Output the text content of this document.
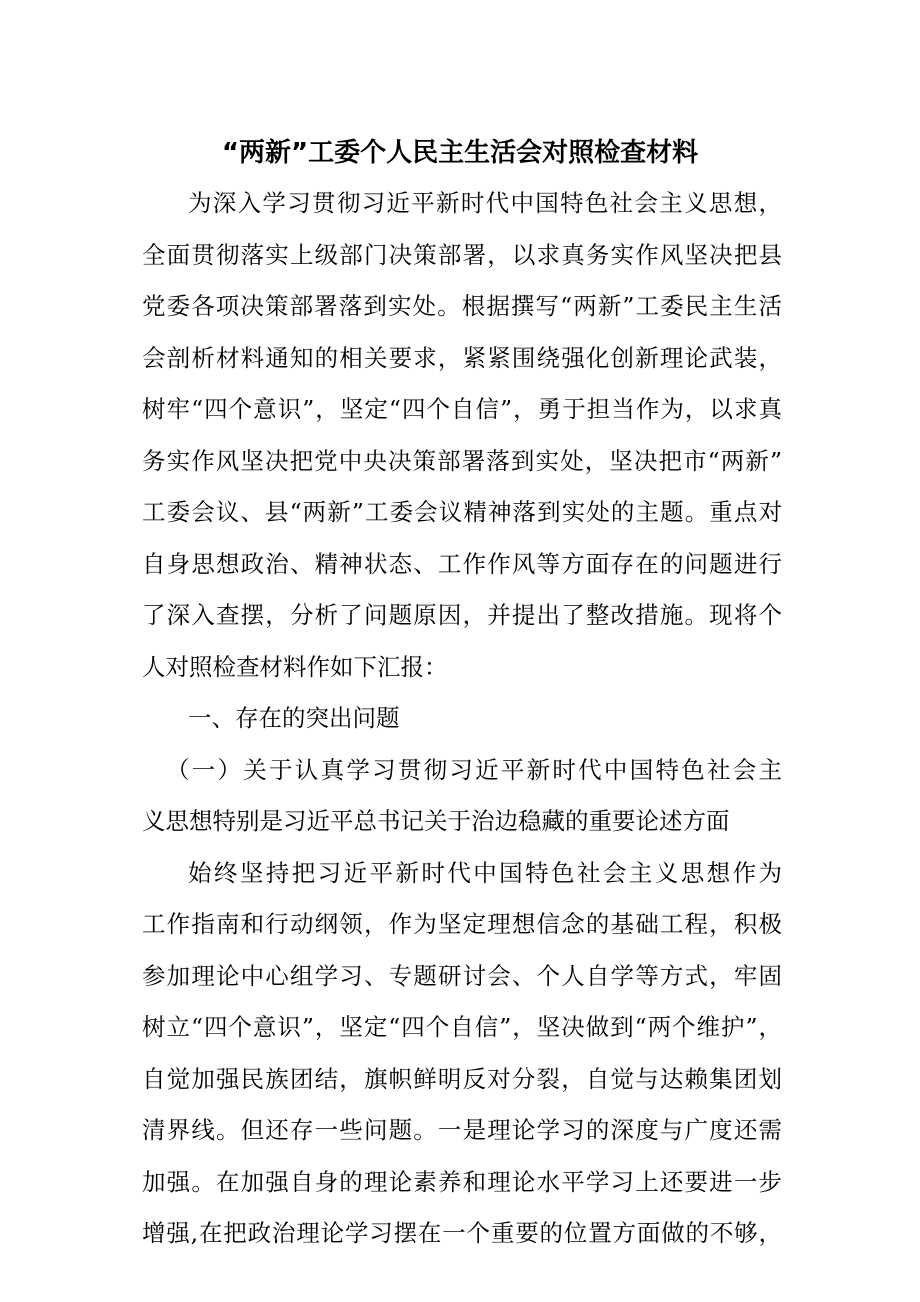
“两新”工委个人民主生活会对照检查材料
为深入学习贯彻习近平新时代中国特色社会主义思想，
全面贯彻落实上级部门决策部署，以求真务实作风坚决把县
党委各项决策部署落到实处。根据撰写“两新”工委民主生活
会剖析材料通知的相关要求，紧紧围绕强化创新理论武装，
树牢“四个意识”，坚定“四个自信”，勇于担当作为，以求真
务实作风坚决把党中央决策部署落到实处，坚决把市“两新”
工委会议、县“两新”工委会议精神落到实处的主题。重点对
自身思想政治、精神状态、工作作风等方面存在的问题进行
了深入查摆，分析了问题原因，并提出了整改措施。现将个
人对照检查材料作如下汇报：
一、存在的突出问题
（一）关于认真学习贯彻习近平新时代中国特色社会主
义思想特别是习近平总书记关于治边稳藏的重要论述方面
始终坚持把习近平新时代中国特色社会主义思想作为
工作指南和行动纲领，作为坚定理想信念的基础工程，积极
参加理论中心组学习、专题研讨会、个人自学等方式，牢固
树立“四个意识”，坚定“四个自信”，坚决做到“两个维护”，
自觉加强民族团结，旗帜鲜明反对分裂，自觉与达赖集团划
清界线。但还存一些问题。一是理论学习的深度与广度还需
加强。在加强自身的理论素养和理论水平学习上还要进一步
增强,在把政治理论学习摆在一个重要的位置方面做的不够，
